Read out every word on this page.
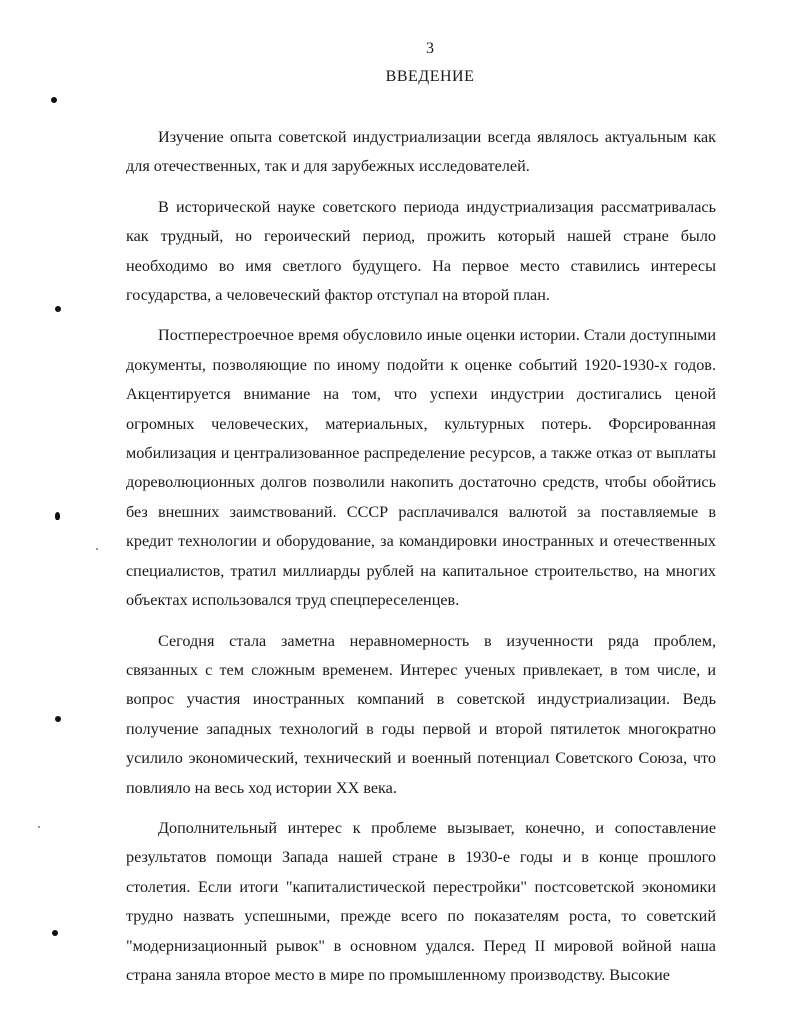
3
ВВЕДЕНИЕ

Изучение опыта советской индустриализации всегда являлось актуальным как для отечественных, так и для зарубежных исследователей.

В исторической науке советского периода индустриализация рассматривалась как трудный, но героический период, прожить который нашей стране было необходимо во имя светлого будущего. На первое место ставились интересы государства, а человеческий фактор отступал на второй план.

Постперестроечное время обусловило иные оценки истории. Стали доступными документы, позволяющие по иному подойти к оценке событий 1920-1930-х годов. Акцентируется внимание на том, что успехи индустрии достигались ценой огромных человеческих, материальных, культурных потерь. Форсированная мобилизация и централизованное распределение ресурсов, а также отказ от выплаты дореволюционных долгов позволили накопить достаточно средств, чтобы обойтись без внешних заимствований. СССР расплачивался валютой за поставляемые в кредит технологии и оборудование, за командировки иностранных и отечественных специалистов, тратил миллиарды рублей на капитальное строительство, на многих объектах использовался труд спецпереселенцев.

Сегодня стала заметна неравномерность в изученности ряда проблем, связанных с тем сложным временем. Интерес ученых привлекает, в том числе, и вопрос участия иностранных компаний в советской индустриализации. Ведь получение западных технологий в годы первой и второй пятилеток многократно усилило экономический, технический и военный потенциал Советского Союза, что повлияло на весь ход истории XX века.

Дополнительный интерес к проблеме вызывает, конечно, и сопоставление результатов помощи Запада нашей стране в 1930-е годы и в конце прошлого столетия. Если итоги "капиталистической перестройки" постсоветской экономики трудно назвать успешными, прежде всего по показателям роста, то советский "модернизационный рывок" в основном удался. Перед II мировой войной наша страна заняла второе место в мире по промышленному производству. Высокие
